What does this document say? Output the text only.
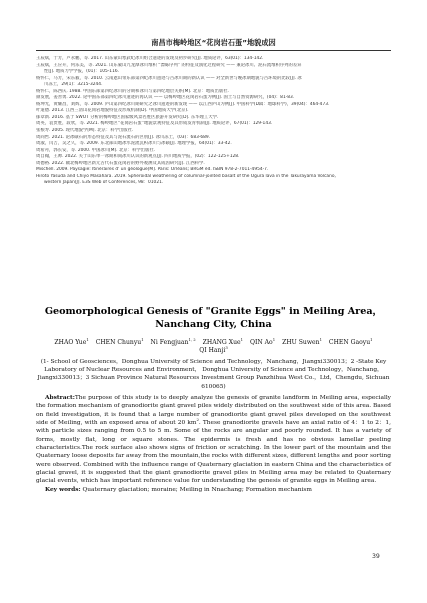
南昌市梅岭地区“花岗岩石蛋”地貌成因
王辰斌，于芳，卢永鹏，等. 2017. 山东蒙山寒武纪冰川组合遗迹的发现及初步研究[J]. 地质论评，63(01)：134-142.
王辰斌，王应开，何乐美，等. 2021. 山东蒙山九龙潭冰川堆积 “漂砾序列” 的特征及演化过程研究 —— 兼论冰川、泥石流堆积序列的差异
性[J]. 地质力学学报，(01)：105-116.
杨怀仁，马芳，宋东毅，等. 2010. 云南遮山带东部第四纪冰川遗迹与古冰川期的新认识 —— 对全新世与晚冰期地貌与古环境的比较[J]. 冰
川冻土，29(1)：3215-3244.
杨怀仁，陈西庆. 1988. 中国东部第四纪冰川的分期和冰川与第四纪地层关系[M]. 北京：地质出版社.
颜发展，姜善勇. 2022. 论中国东部第四纪冰川遗迹的再认识 —— 以梅岭地区花岗岩石蛋为例[J]. 国土与自然资源研究，(04)：81-83.
杨坤光，黄耀昌，刘辉，等. 2009. 庐山第四纪冰川期研究之冰川遗迹的新发现 —— 以江西庐山为例[J]. 中国科学(D辑：地球科学)，39(04)：464-473.
叶道德. 2013. 江西三清山花岗岩地貌特征及形成机制[D]. 中国地质大学(北京).
郁章新. 2016. 基于 SWOT 分析的梅岭地区国家级风景名胜区旅游开发研究[D]. 东华理工大学.
周英，袁贵胜，段欣，等. 2021. 梅岭地区“花岗岩石蛋”地貌景观特征及其形成发育机制[J]. 地质论评，67(01)：129-143.
张根寿. 2005. 现代地貌学[M]. 北京：科学出版社.
周尚哲. 2021. 论冰碛石的形态特征及其与泥石流石的区别[J]. 冰川冻土，(03)：683-689.
周淑，闫吉，吴之久，等. 2009. 东北部山地冰水泥流沉积冰川与冰碛[J]. 地理学报，64(01)：33-42.
周希舟，郭长安，等. 2000. 中国冰川[M]. 北京：科学出版社.
周自翰，王帅. 2022. 关于山东单一冰期和间冰川认识的新观点[J]. 四川地质学报，(02)：122-125+128.
周德裕. 2022. 赣北梅岭地区新元古代石蛋花岗岩的野外观测及其成因研究[J]. 江西科学.
Mischell. 2009. Paysagie: Itinéraires d' un géologue[M]. Paris: Orléans; BRGM éd. ISBN 978-2-7011-4954-7.
Hiroto Yasuda and Chiyo Masahara. 2019. Spheroidal weathering of columnar-jointed basalt of the Ogura lava in the Takurayama Volcano,
western Japan[J]. E3S Web of Conferences, 98：01021.
Geomorphological Genesis of "Granite Eggs" in Meiling Area，
Nanchang City, China
ZHAO Yue$^1$ CHEN Chunyu$^1$ Ni Fengjuan$^{1, 2}$ ZHANG Xue$^1$ QIN Ao$^1$ ZHU Suwen$^1$ CHEN Gaoyu$^1$ QI Hanji$^3$
(1- School of Geosciences，Donghua University of Science and Technology，Nanchang，Jiangxi330013；2 -State Key Laboratory of Nuclear Resources and Environment， Donghua University of Science and Technology，Nanchang，Jiangxi330013；3 Sichuan Province Natural Resources Investment Group Panzhihua West Co.，Ltd，Chengdu, Sichuan 610065)

Abstract:The purpose of this study is to deeply analyze the genesis of granite landform in Meiling area, especially the formation mechanism of granodiorite giant gravel piles widely distributed on the southwest side of this area. Based on field investigation, it is found that a large number of granodiorite giant gravel piles developed on the southwest side of Meiling, with an exposed area of about 20 $km^2$. These granodiorite gravels have an axial ratio of 4：1 to 2：1, with particle sizes ranging from 0.5 to 5 m. Some of the rocks are angular and poorly rounded. It has a variety of forms, mostly flat, long or square stones. The epidermis is fresh and has no obvious lamellar peeling characteristics.The rock surface also shows signs of friction or scratching. In the lower part of the mountain and the Quaternary loose deposits far away from the mountain,the rocks with different sizes, different lengths and poor sorting were observed. Combined with the influence range of Quaternary glaciation in eastern China and the characteristics of glacial gravel, it is suggested that the giant granodiorite gravel piles in Meiling area may be related to Quaternary glacial events, which has important reference value for understanding the genesis of granite eggs in Meiling area.

Key words: Quaternary glaciation; moraine; Meiling in Nnachang; Formation mechanism

39
